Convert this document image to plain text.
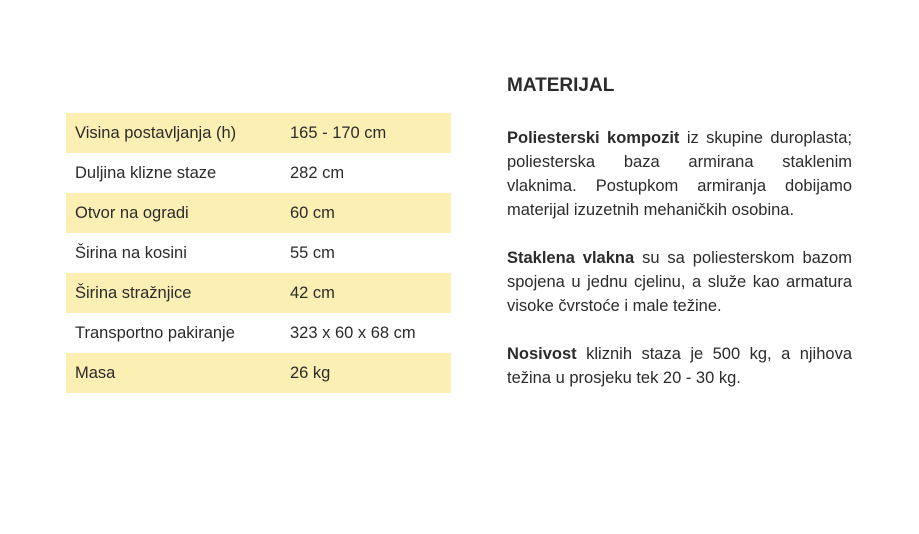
Visina postavljanja (h)	165 - 170 cm
Duljina klizne staze	282 cm
Otvor na ogradi	60 cm
Širina na kosini	55 cm
Širina stražnjice	42 cm
Transportno pakiranje	323 x 60 x 68 cm
Masa	26 kg
MATERIJAL

Poliesterski kompozit iz skupine duroplasta; poliesterska baza armirana staklenim vlaknima. Postupkom armiranja dobijamo materijal izuzetnih mehaničkih osobina.

Staklena vlakna su sa poliesterskom bazom spojena u jednu cjelinu, a služe kao armatura visoke čvrstoće i male težine.

Nosivost kliznih staza je 500 kg, a njihova težina u prosjeku tek 20 - 30 kg.
